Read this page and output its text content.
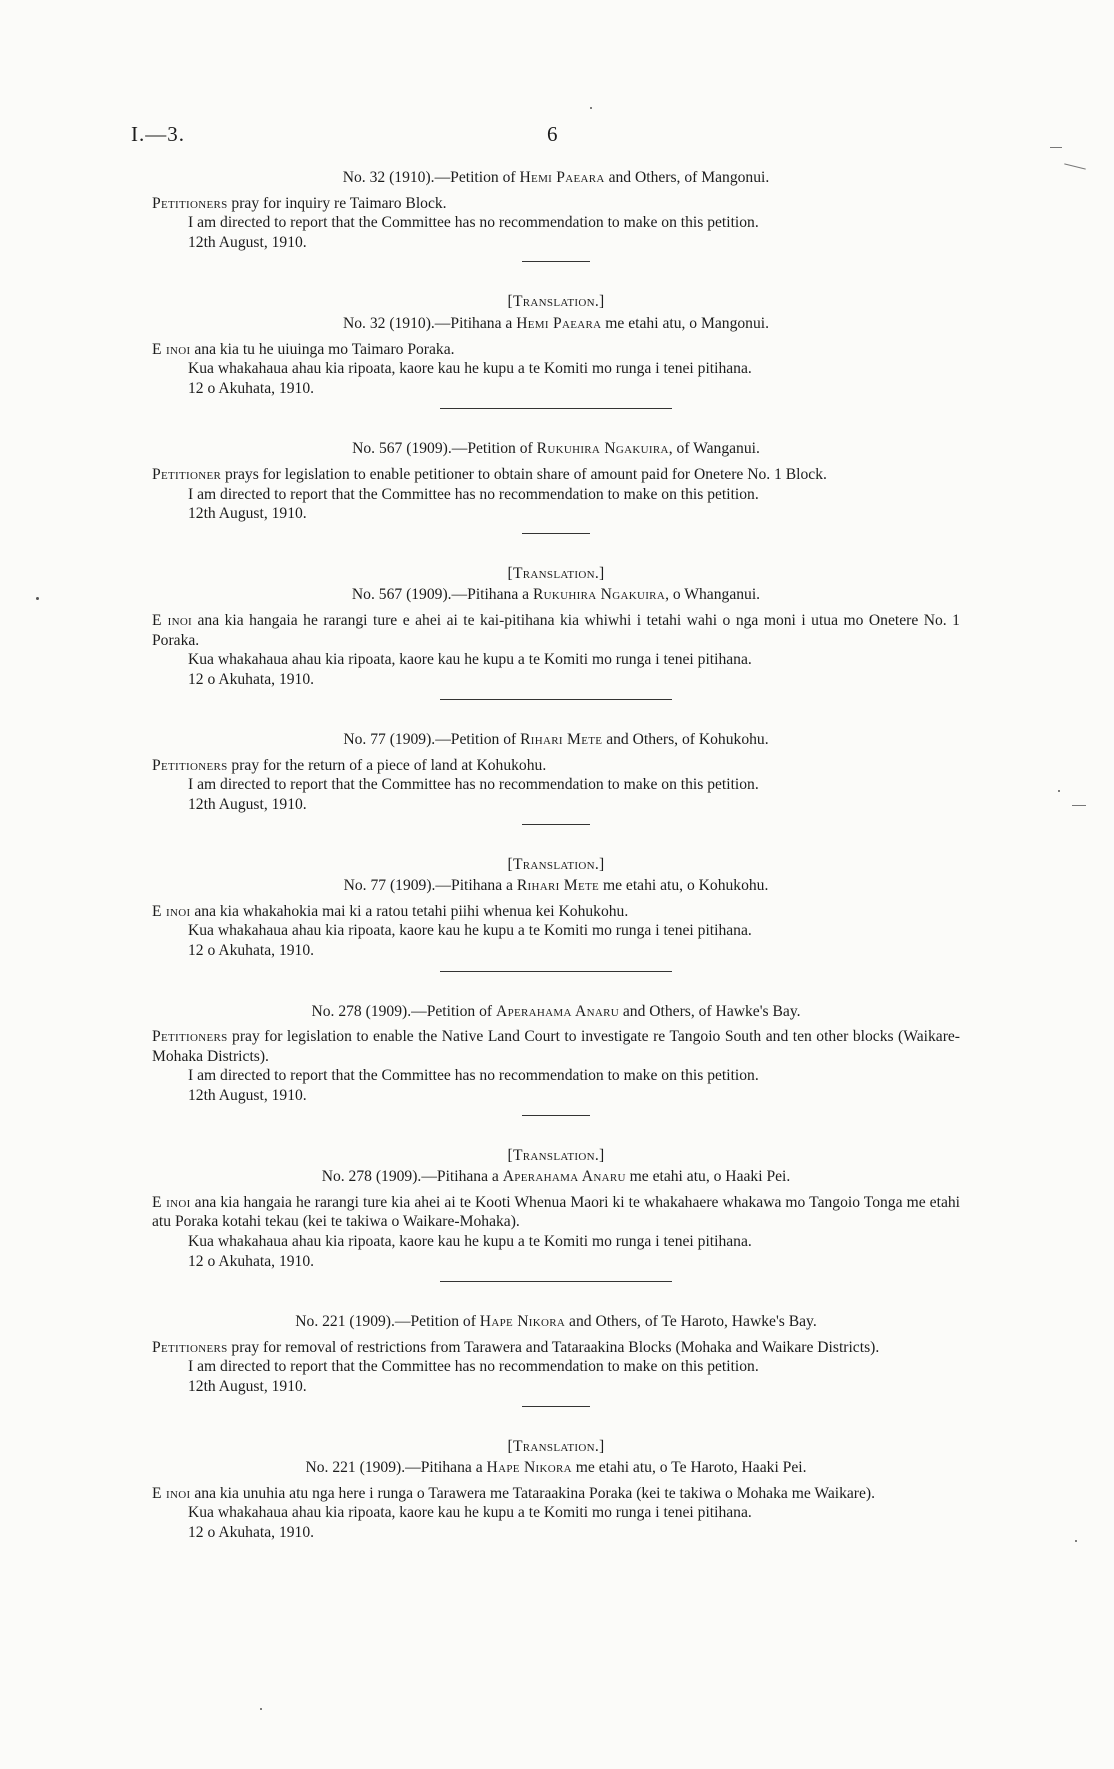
I.—3.	6

No. 32 (1910).—Petition of Hemi Paeara and Others, of Mangonui.

Petitioners pray for inquiry re Taimaro Block.

I am directed to report that the Committee has no recommendation to make on this petition.

12th August, 1910.

[Translation.]

No. 32 (1910).—Pitihana a Hemi Paeara me etahi atu, o Mangonui.

E inoi ana kia tu he uiuinga mo Taimaro Poraka.

Kua whakahaua ahau kia ripoata, kaore kau he kupu a te Komiti mo runga i tenei pitihana.

12 o Akuhata, 1910.

No. 567 (1909).—Petition of Rukuhira Ngakuira, of Wanganui.

Petitioner prays for legislation to enable petitioner to obtain share of amount paid for Onetere No. 1 Block.

I am directed to report that the Committee has no recommendation to make on this petition.

12th August, 1910.

[Translation.]

No. 567 (1909).—Pitihana a Rukuhira Ngakuira, o Whanganui.

E inoi ana kia hangaia he rarangi ture e ahei ai te kai-pitihana kia whiwhi i tetahi wahi o nga moni i utua mo Onetere No. 1 Poraka.

Kua whakahaua ahau kia ripoata, kaore kau he kupu a te Komiti mo runga i tenei pitihana.

12 o Akuhata, 1910.

No. 77 (1909).—Petition of Rihari Mete and Others, of Kohukohu.

Petitioners pray for the return of a piece of land at Kohukohu.

I am directed to report that the Committee has no recommendation to make on this petition.

12th August, 1910.

[Translation.]

No. 77 (1909).—Pitihana a Rihari Mete me etahi atu, o Kohukohu.

E inoi ana kia whakahokia mai ki a ratou tetahi piihi whenua kei Kohukohu.

Kua whakahaua ahau kia ripoata, kaore kau he kupu a te Komiti mo runga i tenei pitihana.

12 o Akuhata, 1910.

No. 278 (1909).—Petition of Aperahama Anaru and Others, of Hawke's Bay.

Petitioners pray for legislation to enable the Native Land Court to investigate re Tangoio South and ten other blocks (Waikare-Mohaka Districts).

I am directed to report that the Committee has no recommendation to make on this petition.

12th August, 1910.

[Translation.]

No. 278 (1909).—Pitihana a Aperahama Anaru me etahi atu, o Haaki Pei.

E inoi ana kia hangaia he rarangi ture kia ahei ai te Kooti Whenua Maori ki te whakahaere whakawa mo Tangoio Tonga me etahi atu Poraka kotahi tekau (kei te takiwa o Waikare-Mohaka).

Kua whakahaua ahau kia ripoata, kaore kau he kupu a te Komiti mo runga i tenei pitihana.

12 o Akuhata, 1910.

No. 221 (1909).—Petition of Hape Nikora and Others, of Te Haroto, Hawke's Bay.

Petitioners pray for removal of restrictions from Tarawera and Tataraakina Blocks (Mohaka and Waikare Districts).

I am directed to report that the Committee has no recommendation to make on this petition.

12th August, 1910.

[Translation.]

No. 221 (1909).—Pitihana a Hape Nikora me etahi atu, o Te Haroto, Haaki Pei.

E inoi ana kia unuhia atu nga here i runga o Tarawera me Tataraakina Poraka (kei te takiwa o Mohaka me Waikare).

Kua whakahaua ahau kia ripoata, kaore kau he kupu a te Komiti mo runga i tenei pitihana.

12 o Akuhata, 1910.
